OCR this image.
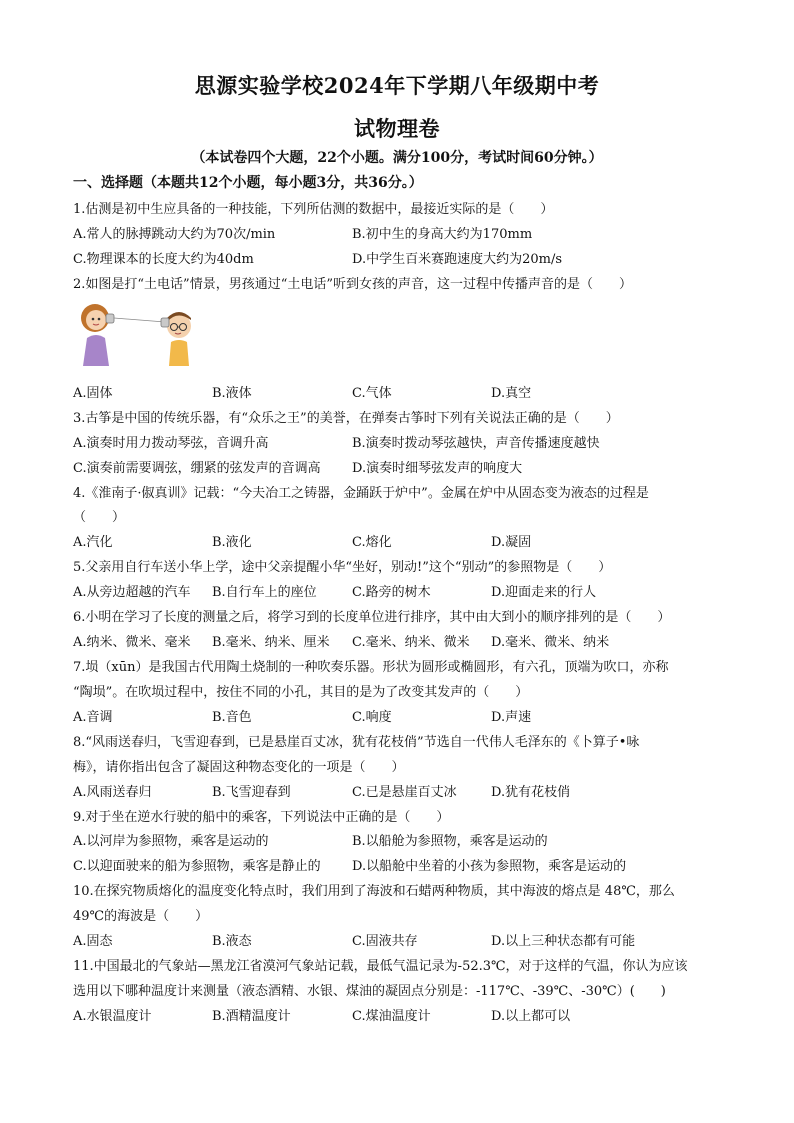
思源实验学校2024年下学期八年级期中考
试物理卷
（本试卷四个大题，22个小题。满分100分，考试时间60分钟。）
一、选择题（本题共12个小题，每小题3分，共36分。）
1.估测是初中生应具备的一种技能，下列所估测的数据中，最接近实际的是（　　）
A.常人的脉搏跳动大约为70次/min	B.初中生的身高大约为170mm
C.物理课本的长度大约为40dm	D.中学生百米赛跑速度大约为20m/s
2.如图是打“土电话”情景，男孩通过“土电话”听到女孩的声音，这一过程中传播声音的是（　　）
A.固体	B.液体	C.气体	D.真空
3.古筝是中国的传统乐器，有“众乐之王”的美誉，在弹奏古筝时下列有关说法正确的是（　　）
A.演奏时用力拨动琴弦，音调升高	B.演奏时拨动琴弦越快，声音传播速度越快
C.演奏前需要调弦，绷紧的弦发声的音调高 D.演奏时细琴弦发声的响度大
4.《淮南子·俶真训》记载：“今夫冶工之铸器，金踊跃于炉中”。金属在炉中从固态变为液态的过程是
（　　）
A.汽化	B.液化	C.熔化	D.凝固
5.父亲用自行车送小华上学，途中父亲提醒小华“坐好，别动!”这个“别动”的参照物是（　　）
A.从旁边超越的汽车 B.自行车上的座位	C.路旁的树木	D.迎面走来的行人
6.小明在学习了长度的测量之后，将学习到的长度单位进行排序，其中由大到小的顺序排列的是（　　）
A.纳米、微米、毫米 B.毫米、纳米、厘米 C.毫米、纳米、微米 D.毫米、微米、纳米
7.埙（xūn）是我国古代用陶土烧制的一种吹奏乐器。形状为圆形或椭圆形，有六孔，顶端为吹口，亦称
“陶埙”。在吹埙过程中，按住不同的小孔，其目的是为了改变其发声的（　　）
A.音调	B.音色	C.响度	D.声速
8.“风雨送春归，飞雪迎春到，已是悬崖百丈冰，犹有花枝俏”节选自一代伟人毛泽东的《卜算子•咏
梅》，请你指出包含了凝固这种物态变化的一项是（　　）
A.风雨送春归	B.飞雪迎春到	C.已是悬崖百丈冰	D.犹有花枝俏
9.对于坐在逆水行驶的船中的乘客，下列说法中正确的是（　　）
A.以河岸为参照物，乘客是运动的	B.以船舱为参照物，乘客是运动的
C.以迎面驶来的船为参照物，乘客是静止的 D.以船舱中坐着的小孩为参照物，乘客是运动的
10.在探究物质熔化的温度变化特点时，我们用到了海波和石蜡两种物质，其中海波的熔点是 48℃，那么
49℃的海波是（　　）
A.固态	B.液态	C.固液共存	D.以上三种状态都有可能
11.中国最北的气象站—黑龙江省漠河气象站记载，最低气温记录为-52.3℃，对于这样的气温，你认为应该
选用以下哪种温度计来测量（液态酒精、水银、煤油的凝固点分别是：-117℃、-39℃、-30℃）(　　)
A.水银温度计	B.酒精温度计	C.煤油温度计	D.以上都可以
